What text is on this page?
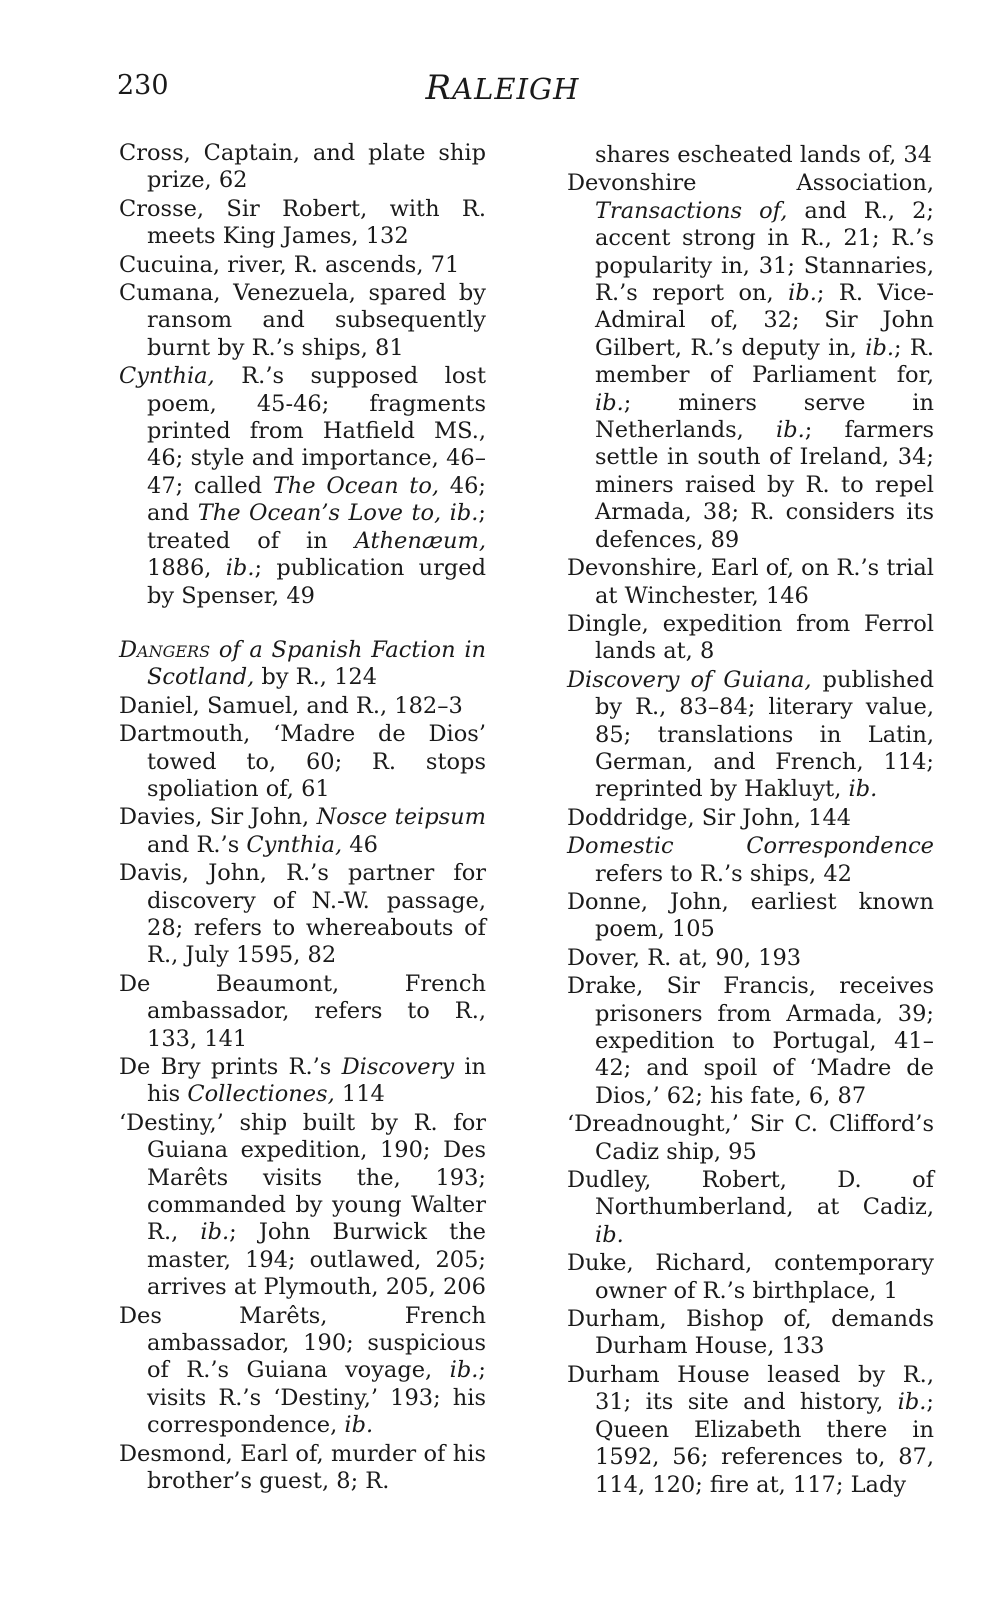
230	RALEIGH

Cross, Captain, and plate ship prize, 62

Crosse, Sir Robert, with R. meets King James, 132

Cucuina, river, R. ascends, 71

Cumana, Venezuela, spared by ransom and subsequently burnt by R.’s ships, 81

Cynthia, R.’s supposed lost poem, 45-46; fragments printed from Hatfield MS., 46; style and importance, 46–47; called The Ocean to, 46; and The Ocean’s Love to, ib.; treated of in Athenæum, 1886, ib.; publication urged by Spenser, 49

Dangers of a Spanish Faction in Scotland, by R., 124

Daniel, Samuel, and R., 182–3

Dartmouth, ‘Madre de Dios’ towed to, 60; R. stops spoliation of, 61

Davies, Sir John, Nosce teipsum and R.’s Cynthia, 46

Davis, John, R.’s partner for discovery of N.-W. passage, 28; refers to whereabouts of R., July 1595, 82

De Beaumont, French ambassador, refers to R., 133, 141

De Bry prints R.’s Discovery in his Collectiones, 114

‘Destiny,’ ship built by R. for Guiana expedition, 190; Des Marêts visits the, 193; commanded by young Walter R., ib.; John Burwick the master, 194; outlawed, 205; arrives at Plymouth, 205, 206

Des Marêts, French ambassador, 190; suspicious of R.’s Guiana voyage, ib.; visits R.’s ‘Destiny,’ 193; his correspondence, ib.

Desmond, Earl of, murder of his brother’s guest, 8; R.

shares escheated lands of, 34

Devonshire Association, Transactions of, and R., 2; accent strong in R., 21; R.’s popularity in, 31; Stannaries, R.’s report on, ib.; R. Vice-Admiral of, 32; Sir John Gilbert, R.’s deputy in, ib.; R. member of Parliament for, ib.; miners serve in Netherlands, ib.; farmers settle in south of Ireland, 34; miners raised by R. to repel Armada, 38; R. considers its defences, 89

Devonshire, Earl of, on R.’s trial at Winchester, 146

Dingle, expedition from Ferrol lands at, 8

Discovery of Guiana, published by R., 83–84; literary value, 85; translations in Latin, German, and French, 114; reprinted by Hakluyt, ib.

Doddridge, Sir John, 144

Domestic Correspondence refers to R.’s ships, 42

Donne, John, earliest known poem, 105

Dover, R. at, 90, 193

Drake, Sir Francis, receives prisoners from Armada, 39; expedition to Portugal, 41–42; and spoil of ‘Madre de Dios,’ 62; his fate, 6, 87

‘Dreadnought,’ Sir C. Clifford’s Cadiz ship, 95

Dudley, Robert, D. of Northumberland, at Cadiz, ib.

Duke, Richard, contemporary owner of R.’s birthplace, 1

Durham, Bishop of, demands Durham House, 133

Durham House leased by R., 31; its site and history, ib.; Queen Elizabeth there in 1592, 56; references to, 87, 114, 120; fire at, 117; Lady
